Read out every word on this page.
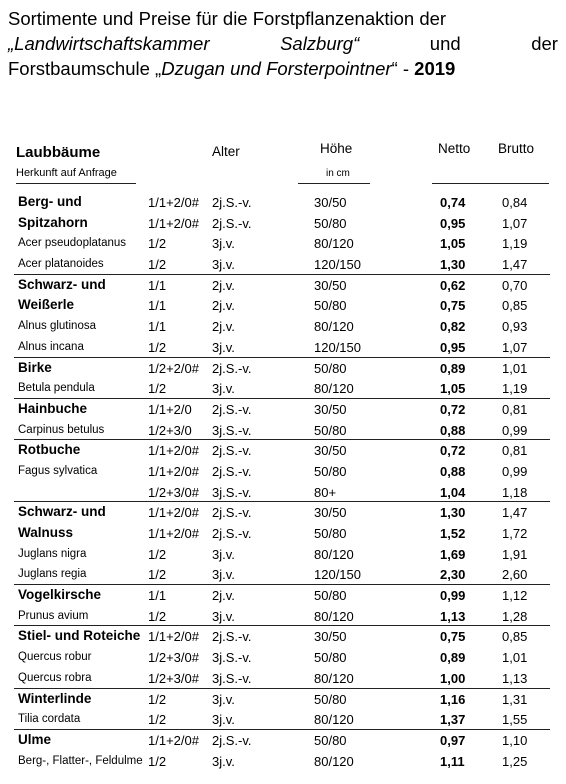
Sortimente und Preise für die Forstpflanzenaktion der
„Landwirtschaftskammer	Salzburg“	und	der
Forstbaumschule „Dzugan und Forsterpointner“ - 2019
Laubbäume
Herkunft auf Anfrage
Alter	Höhe
in cm
Netto Brutto
Berg- und	1/1+2/0# 2j.S.-v.	30/50	0,74	0,84
Spitzahorn	1/1+2/0# 2j.S.-v.	50/80	0,95	1,07
Acer pseudoplatanus 1/2	3j.v.	80/120	1,05	1,19
Acer platanoides	1/2	3j.v.	120/150	1,30	1,47
Schwarz- und	1/1	2j.v.	30/50	0,62	0,70
Weißerle	1/1	2j.v.	50/80	0,75	0,85
Alnus glutinosa	1/1	2j.v.	80/120	0,82	0,93
Alnus incana	1/2	3j.v.	120/150	0,95	1,07
Birke	1/2+2/0# 2j.S.-v.	50/80	0,89	1,01
Betula pendula	1/2	3j.v.	80/120	1,05	1,19
Hainbuche	1/1+2/0 2j.S.-v.	30/50	0,72	0,81
Carpinus betulus	1/2+3/0 3j.S.-v.	50/80	0,88	0,99
Rotbuche	1/1+2/0# 2j.S.-v.	30/50	0,72	0,81
Fagus sylvatica	1/1+2/0# 2j.S.-v.	50/80	0,88	0,99
1/2+3/0# 3j.S.-v.	80+	1,04	1,18
Schwarz- und	1/1+2/0# 2j.S.-v.	30/50	1,30	1,47
Walnuss	1/1+2/0# 2j.S.-v.	50/80	1,52	1,72
Juglans nigra	1/2	3j.v.	80/120	1,69	1,91
Juglans regia	1/2	3j.v.	120/150	2,30	2,60
Vogelkirsche	1/1	2j.v.	50/80	0,99	1,12
Prunus avium	1/2	3j.v.	80/120	1,13	1,28
Stiel- und Roteiche 1/1+2/0# 2j.S.-v.	30/50	0,75	0,85
Quercus robur	1/2+3/0# 3j.S.-v.	50/80	0,89	1,01
Quercus robra	1/2+3/0# 3j.S.-v.	80/120	1,00	1,13
Winterlinde	1/2	3j.v.	50/80	1,16	1,31
Tilia cordata	1/2	3j.v.	80/120	1,37	1,55
Ulme	1/1+2/0# 2j.S.-v.	50/80	0,97	1,10
Berg-, Flatter-, Feldulme 1/2	3j.v.	80/120	1,11	1,25
